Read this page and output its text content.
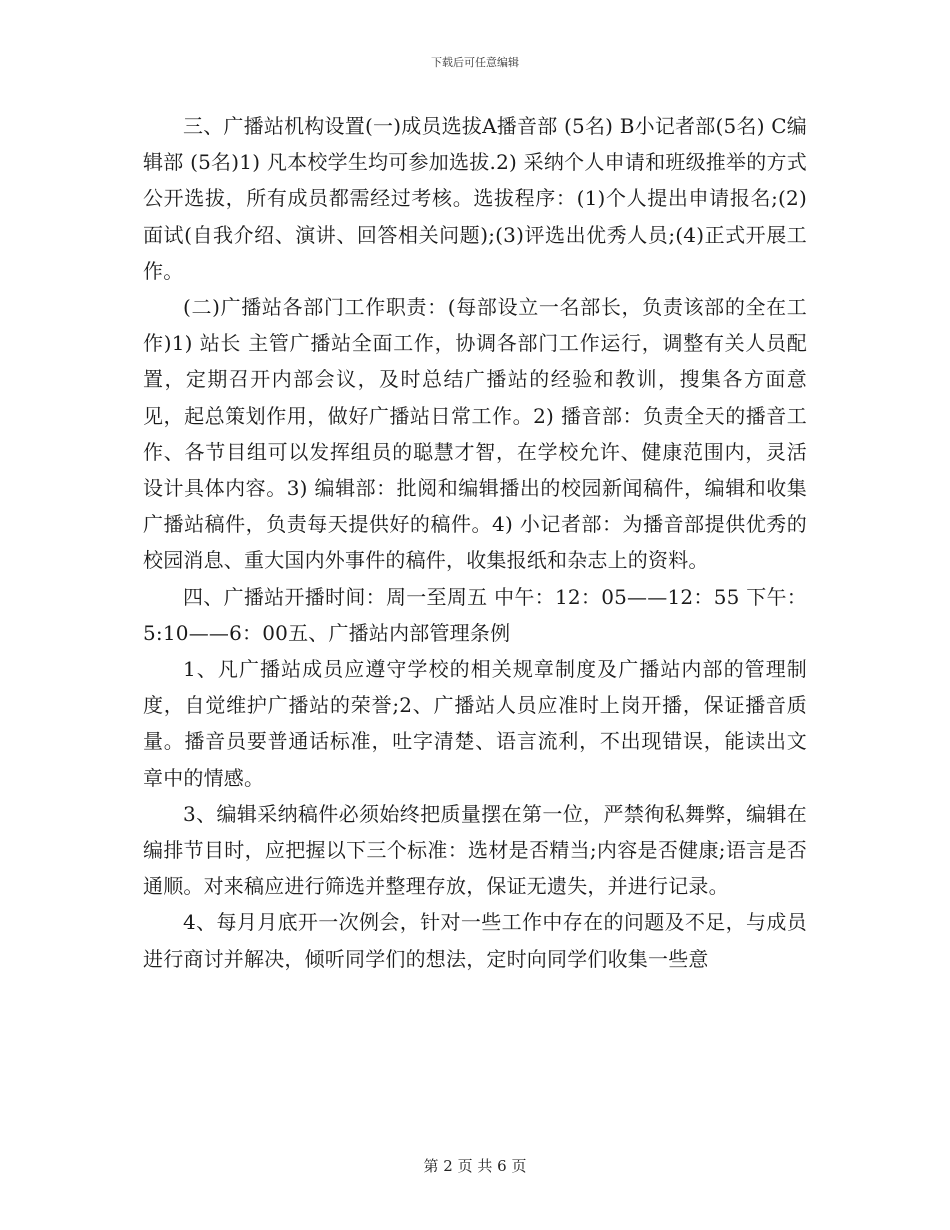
下载后可任意编辑

三、广播站机构设置(一)成员选拔A播音部 (5名) B小记者部(5名) C编辑部 (5名)1) 凡本校学生均可参加选拔.2) 采纳个人申请和班级推举的方式公开选拔，所有成员都需经过考核。选拔程序：(1)个人提出申请报名;(2)面试(自我介绍、演讲、回答相关问题);(3)评选出优秀人员;(4)正式开展工作。

(二)广播站各部门工作职责：(每部设立一名部长，负责该部的全在工作)1) 站长 主管广播站全面工作，协调各部门工作运行，调整有关人员配置，定期召开内部会议，及时总结广播站的经验和教训，搜集各方面意见，起总策划作用，做好广播站日常工作。2) 播音部：负责全天的播音工作、各节目组可以发挥组员的聪慧才智，在学校允许、健康范围内，灵活设计具体内容。3) 编辑部：批阅和编辑播出的校园新闻稿件，编辑和收集广播站稿件，负责每天提供好的稿件。4) 小记者部：为播音部提供优秀的校园消息、重大国内外事件的稿件，收集报纸和杂志上的资料。

四、广播站开播时间：周一至周五 中午：12：05——12：55 下午：5:10——6：00五、广播站内部管理条例

1、凡广播站成员应遵守学校的相关规章制度及广播站内部的管理制度，自觉维护广播站的荣誉;2、广播站人员应准时上岗开播，保证播音质量。播音员要普通话标准，吐字清楚、语言流利，不出现错误，能读出文章中的情感。

3、编辑采纳稿件必须始终把质量摆在第一位，严禁徇私舞弊，编辑在编排节目时，应把握以下三个标准：选材是否精当;内容是否健康;语言是否通顺。对来稿应进行筛选并整理存放，保证无遗失，并进行记录。

4、每月月底开一次例会，针对一些工作中存在的问题及不足，与成员进行商讨并解决，倾听同学们的想法，定时向同学们收集一些意

第 2 页 共 6 页
